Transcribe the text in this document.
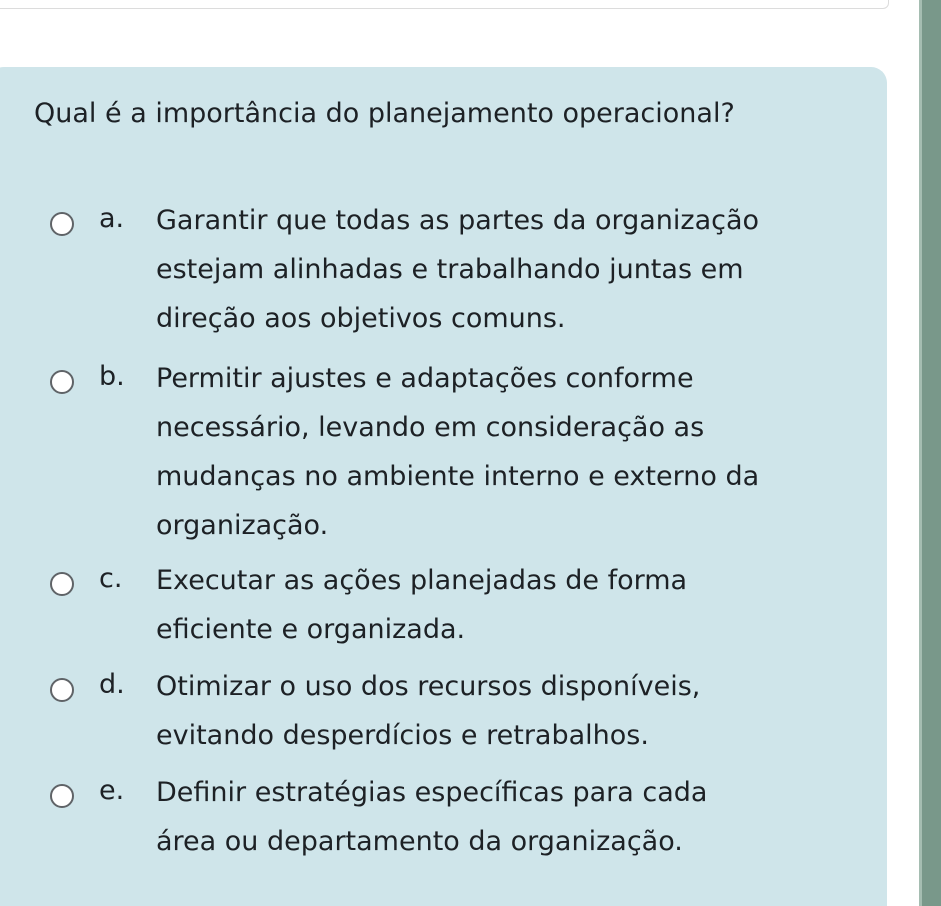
Qual é a importância do planejamento operacional?
a. Garantir que todas as partes da organização
estejam alinhadas e trabalhando juntas em
direção aos objetivos comuns.
b. Permitir ajustes e adaptações conforme
necessário, levando em consideração as
mudanças no ambiente interno e externo da
organização.
c. Executar as ações planejadas de forma
eficiente e organizada.
d. Otimizar o uso dos recursos disponíveis,
evitando desperdícios e retrabalhos.
e. Definir estratégias específicas para cada
área ou departamento da organização.
